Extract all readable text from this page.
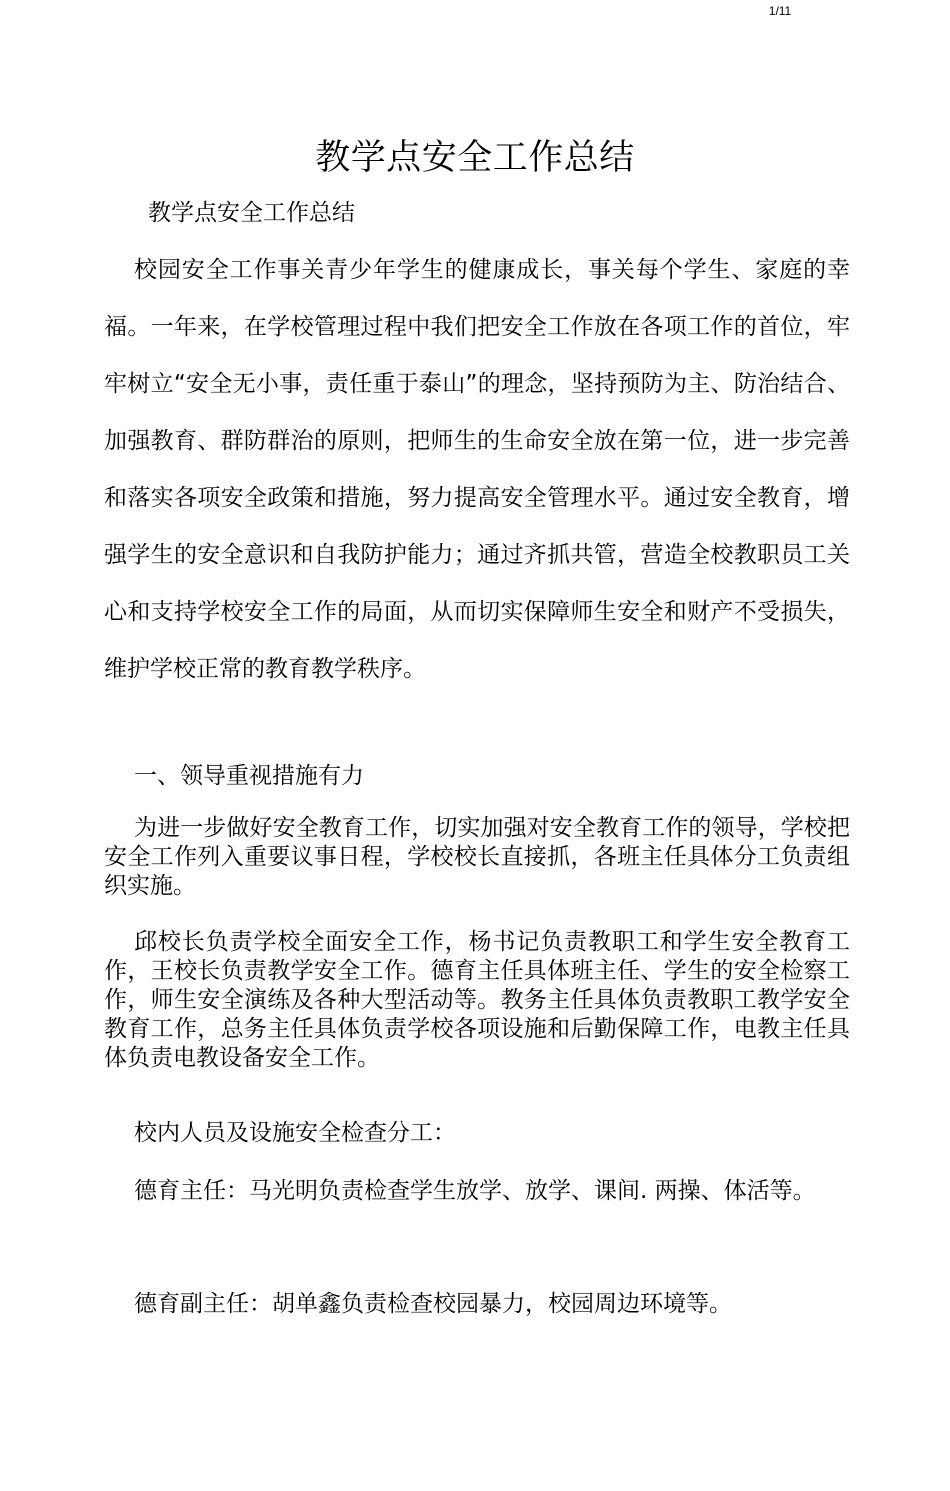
1/11
教学点安全工作总结

教学点安全工作总结

校园安全工作事关青少年学生的健康成长，事关每个学生、家庭的幸福。一年来，在学校管理过程中我们把安全工作放在各项工作的首位，牢牢树立“安全无小事，责任重于泰山”的理念，坚持预防为主、防治结合、加强教育、群防群治的原则，把师生的生命安全放在第一位，进一步完善和落实各项安全政策和措施，努力提高安全管理水平。通过安全教育，增强学生的安全意识和自我防护能力；通过齐抓共管，营造全校教职员工关心和支持学校安全工作的局面，从而切实保障师生安全和财产不受损失，维护学校正常的教育教学秩序。

一、领导重视措施有力

为进一步做好安全教育工作，切实加强对安全教育工作的领导，学校把安全工作列入重要议事日程，学校校长直接抓，各班主任具体分工负责组织实施。

邱校长负责学校全面安全工作，杨书记负责教职工和学生安全教育工作，王校长负责教学安全工作。德育主任具体班主任、学生的安全检察工作，师生安全演练及各种大型活动等。教务主任具体负责教职工教学安全教育工作，总务主任具体负责学校各项设施和后勤保障工作，电教主任具体负责电教设备安全工作。

校内人员及设施安全检查分工：

德育主任：马光明负责检查学生放学、放学、课间. 两操、体活等。

德育副主任：胡单鑫负责检查校园暴力，校园周边环境等。
